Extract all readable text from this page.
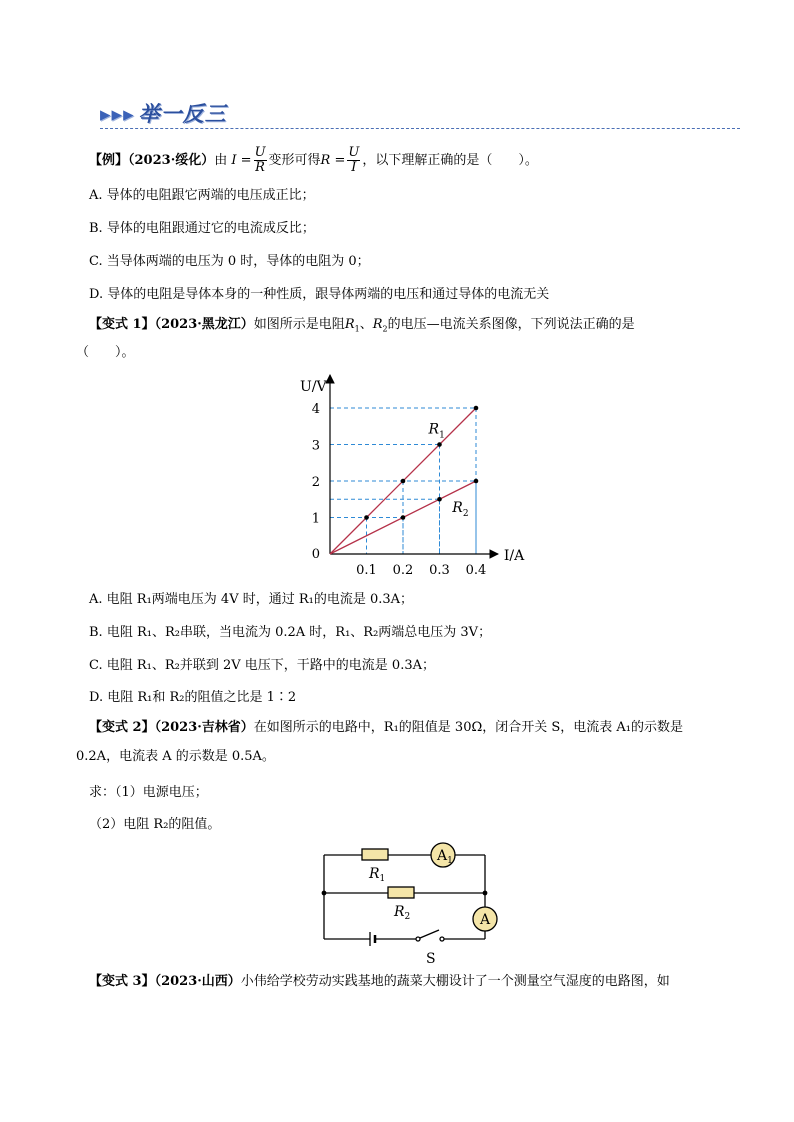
▸▸▸ 举一反三
【例】（2023·绥化）由 $I = \frac{U}{R}$ 变形可得$R = \frac{U}{I}$ ，以下理解正确的是（　　）。
A. 导体的电阻跟它两端的电压成正比；
B. 导体的电阻跟通过它的电流成反比；
C. 当导体两端的电压为 0 时，导体的电阻为 0；
D. 导体的电阻是导体本身的一种性质，跟导体两端的电压和通过导体的电流无关
【变式 1】（2023·黑龙江）如图所示是电阻$R_1$、$R_2$的电压—电流关系图像，下列说法正确的是
（　　）。
0.1 0.2 0.3 0.4
1
2
3
4
0	I/A
U/V
$R_1$
$R_2$
A. 电阻 R₁两端电压为 4V 时，通过 R₁的电流是 0.3A；
B. 电阻 R₁、R₂串联，当电流为 0.2A 时，R₁、R₂两端总电压为 3V；
C. 电阻 R₁、R₂并联到 2V 电压下，干路中的电流是 0.3A；
D. 电阻 R₁和 R₂的阻值之比是 1∶2
【变式 2】（2023·吉林省）在如图所示的电路中，R₁的阻值是 30Ω，闭合开关 S，电流表 A₁的示数是
0.2A，电流表 A 的示数是 0.5A。
求：（1）电源电压；
（2）电阻 R₂的阻值。
$A_1$
A
$R_1$
$R_2$
S
【变式 3】（2023·山西）小伟给学校劳动实践基地的蔬菜大棚设计了一个测量空气湿度的电路图，如
